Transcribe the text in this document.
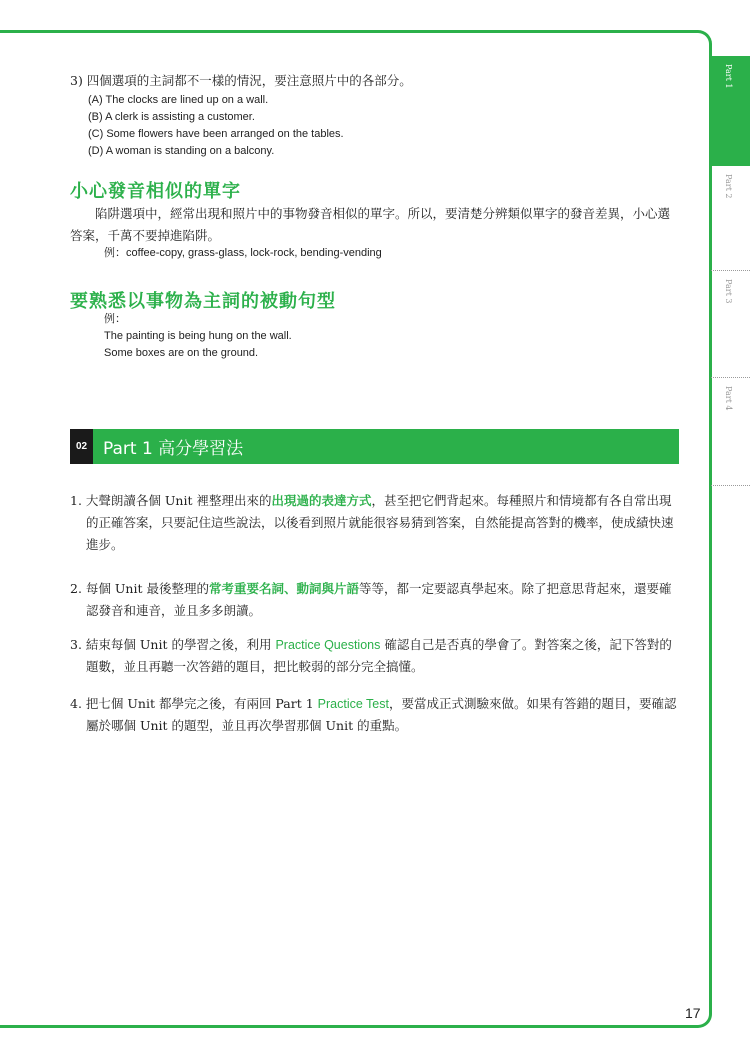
Part 1
Part 2
Part 3
Part 4
3) 四個選項的主詞都不一樣的情況，要注意照片中的各部分。
(A) The clocks are lined up on a wall.
(B) A clerk is assisting a customer.
(C) Some flowers have been arranged on the tables.
(D) A woman is standing on a balcony.
小心發音相似的單字
陷阱選項中，經常出現和照片中的事物發音相似的單字。所以，要清楚分辨類似單字的發音差異，小心選答案，千萬不要掉進陷阱。
例：coffee-copy, grass-glass, lock-rock, bending-vending
要熟悉以事物為主詞的被動句型
例：
The painting is being hung on the wall.
Some boxes are on the ground.
02 Part 1 高分學習法
1. 大聲朗讀各個 Unit 裡整理出來的出現過的表達方式，甚至把它們背起來。每種照片和情境都有各自常出現的正確答案，只要記住這些說法，以後看到照片就能很容易猜到答案，自然能提高答對的機率，使成績快速進步。
2. 每個 Unit 最後整理的常考重要名詞、動詞與片語等等，都一定要認真學起來。除了把意思背起來，還要確認發音和連音，並且多多朗讀。
3. 結束每個 Unit 的學習之後，利用 Practice Questions 確認自己是否真的學會了。對答案之後，記下答對的題數，並且再聽一次答錯的題目，把比較弱的部分完全搞懂。
4. 把七個 Unit 都學完之後，有兩回 Part 1 Practice Test，要當成正式測驗來做。如果有答錯的題目，要確認屬於哪個 Unit 的題型，並且再次學習那個 Unit 的重點。
17
